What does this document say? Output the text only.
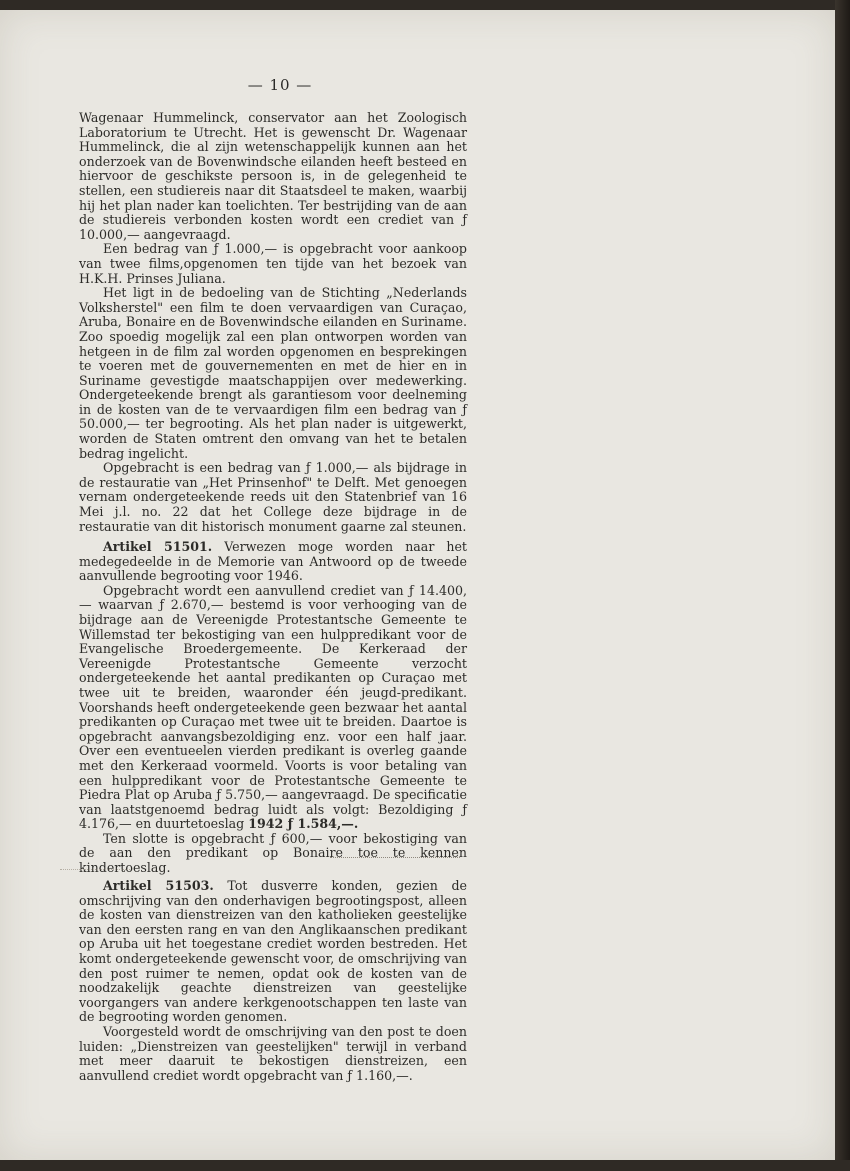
— 10 —

Wagenaar Hummelinck, conservator aan het Zoologisch Laboratorium te Utrecht. Het is gewenscht Dr. Wagenaar Hummelinck, die al zijn wetenschappelijk kunnen aan het onderzoek van de Bovenwindsche eilanden heeft besteed en hiervoor de geschikste persoon is, in de gelegenheid te stellen, een studiereis naar dit Staatsdeel te maken, waarbij hij het plan nader kan toelichten. Ter bestrijding van de aan de studiereis verbonden kosten wordt een crediet van ƒ 10.000,— aangevraagd.

Een bedrag van ƒ 1.000,— is opgebracht voor aankoop van twee films,opgenomen ten tijde van het bezoek van H.K.H. Prinses Juliana.

Het ligt in de bedoeling van de Stichting „Nederlands Volksherstel" een film te doen vervaardigen van Curaçao, Aruba, Bonaire en de Bovenwindsche eilanden en Suriname. Zoo spoedig mogelijk zal een plan ontworpen worden van hetgeen in de film zal worden opgenomen en besprekingen te voeren met de gouvernementen en met de hier en in Suriname gevestigde maatschappijen over medewerking. Ondergeteekende brengt als garantiesom voor deelneming in de kosten van de te vervaardigen film een bedrag van ƒ 50.000,— ter begrooting. Als het plan nader is uitgewerkt, worden de Staten omtrent den omvang van het te betalen bedrag ingelicht.

Opgebracht is een bedrag van ƒ 1.000,— als bijdrage in de restauratie van „Het Prinsenhof" te Delft. Met genoegen vernam ondergeteekende reeds uit den Statenbrief van 16 Mei j.l. no. 22 dat het College deze bijdrage in de restauratie van dit historisch monument gaarne zal steunen.

Artikel 51501. Verwezen moge worden naar het medegedeelde in de Memorie van Antwoord op de tweede aanvullende begrooting voor 1946.

Opgebracht wordt een aanvullend crediet van ƒ 14.400,— waarvan ƒ 2.670,— bestemd is voor verhooging van de bijdrage aan de Vereenigde Protestantsche Gemeente te Willemstad ter bekostiging van een hulppredikant voor de Evangelische Broedergemeente. De Kerkeraad der Vereenigde Protestantsche Gemeente verzocht ondergeteekende het aantal predikanten op Curaçao met twee uit te breiden, waaronder één jeugd-predikant. Voorshands heeft ondergeteekende geen bezwaar het aantal predikanten op Curaçao met twee uit te breiden. Daartoe is opgebracht aanvangsbezoldiging enz. voor een half jaar. Over een eventueelen vierden predikant is overleg gaande met den Kerkeraad voormeld. Voorts is voor betaling van een hulppredikant voor de Protestantsche Gemeente te Piedra Plat op Aruba ƒ 5.750,— aangevraagd. De specificatie van laatstgenoemd bedrag luidt als volgt: Bezoldiging ƒ 4.176,— en duurtetoeslag 1942 ƒ 1.584,—.

Ten slotte is opgebracht ƒ 600,— voor bekostiging van de aan den predikant op Bonaire toe te kennen kindertoeslag.

Artikel 51503. Tot dusverre konden, gezien de omschrijving van den onderhavigen begrootingspost, alleen de kosten van dienstreizen van den katholieken geestelijke van den eersten rang en van den Anglikaanschen predikant op Aruba uit het toegestane crediet worden bestreden. Het komt ondergeteekende gewenscht voor, de omschrijving van den post ruimer te nemen, opdat ook de kosten van de noodzakelijk geachte dienstreizen van geestelijke voorgangers van andere kerkgenootschappen ten laste van de begrooting worden genomen.

Voorgesteld wordt de omschrijving van den post te doen luiden: „Dienstreizen van geestelijken" terwijl in verband met meer daaruit te bekostigen dienstreizen, een aanvullend crediet wordt opgebracht van ƒ 1.160,—.
